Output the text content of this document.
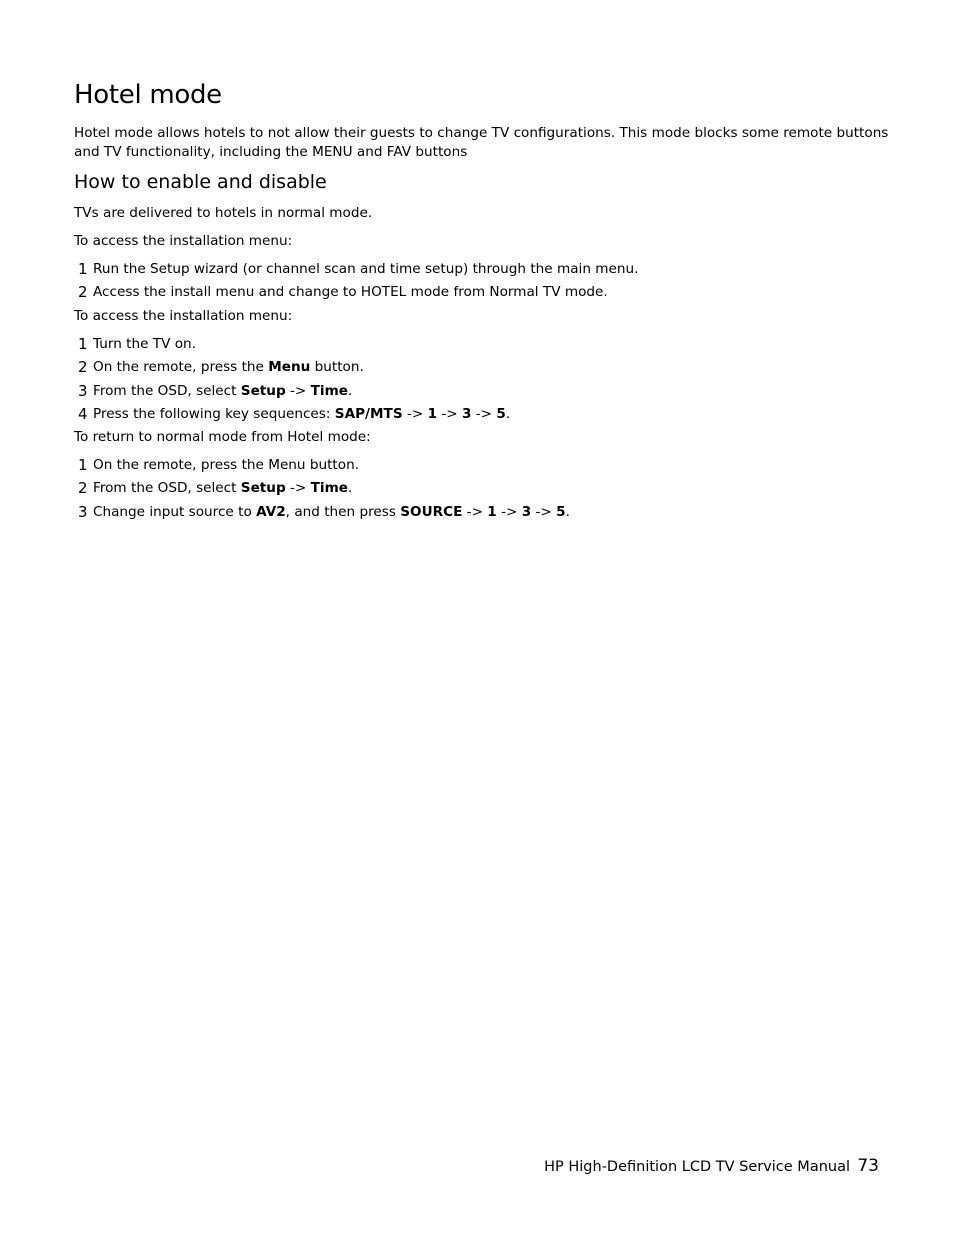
Hotel mode

Hotel mode allows hotels to not allow their guests to change TV configurations. This mode blocks some remote buttons and TV functionality, including the MENU and FAV buttons

How to enable and disable

TVs are delivered to hotels in normal mode.

To access the installation menu:

1 Run the Setup wizard (or channel scan and time setup) through the main menu.
2 Access the install menu and change to HOTEL mode from Normal TV mode.

To access the installation menu:

1 Turn the TV on.
2 On the remote, press the Menu button.
3 From the OSD, select Setup -> Time.
4 Press the following key sequences: SAP/MTS -> 1 -> 3 -> 5.

To return to normal mode from Hotel mode:

1 On the remote, press the Menu button.
2 From the OSD, select Setup -> Time.
3 Change input source to AV2, and then press SOURCE -> 1 -> 3 -> 5.
HP High-Definition LCD TV Service Manual 73
